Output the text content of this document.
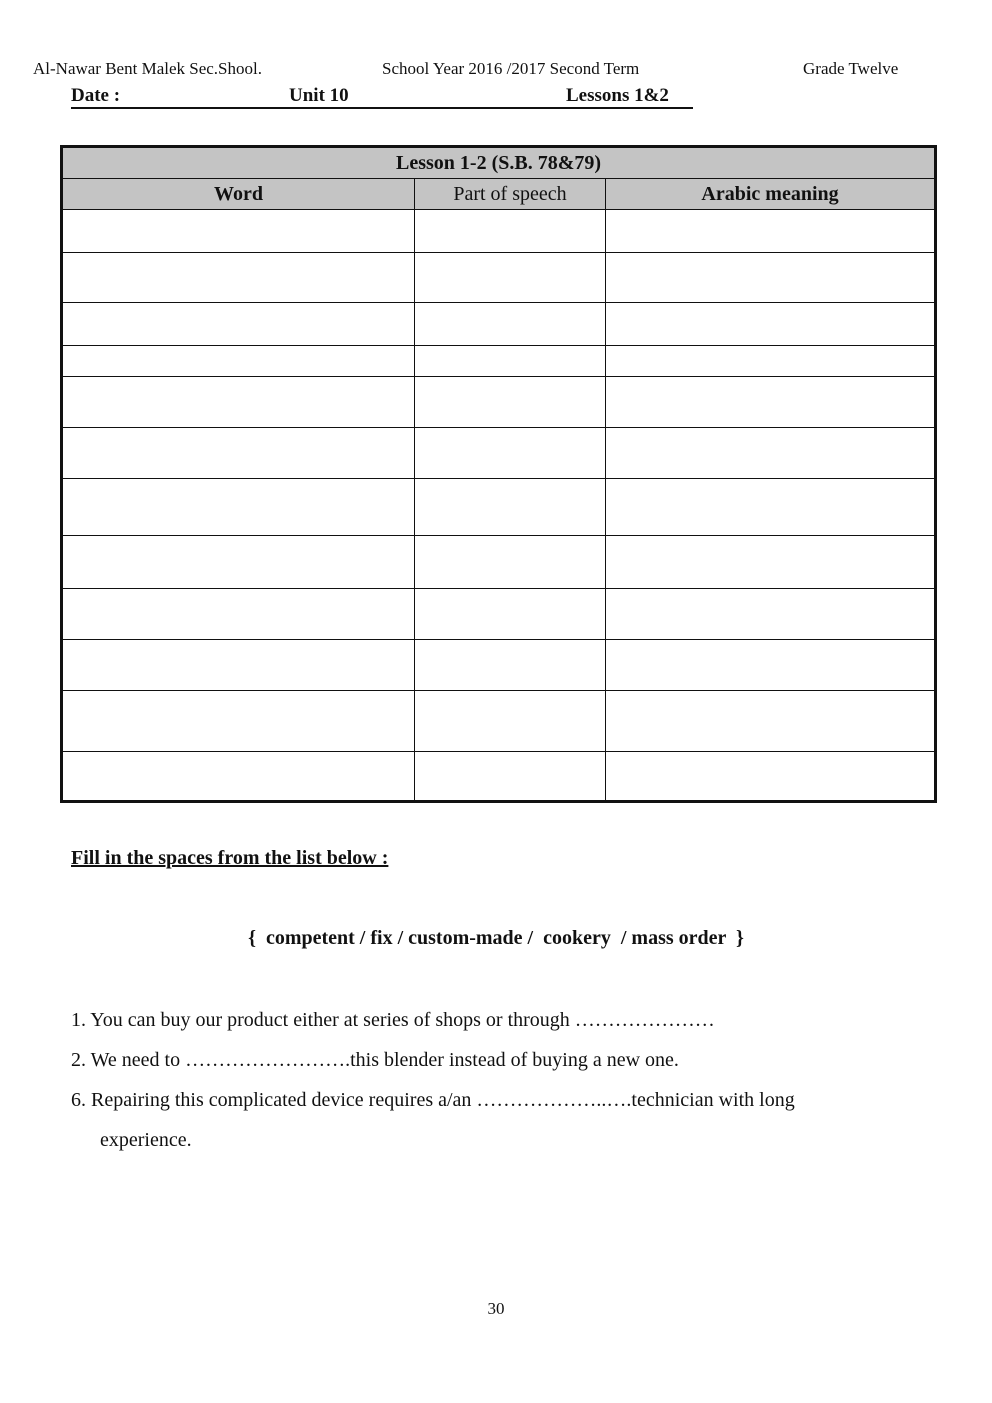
Al-Nawar Bent Malek Sec.Shool.	School Year 2016 /2017 Second Term	Grade Twelve
Date :	Unit 10	Lessons 1&2
Lesson 1-2 (S.B. 78&79)		
Word	Part of speech	Arabic meaning

Fill in the spaces from the list below :
{  competent / fix / custom-made /  cookery  / mass order  }
1. You can buy our product either at series of shops or through …………………
2. We need to …………………….this blender instead of buying a new one.
6. Repairing this complicated device requires a/an ………………..….technician with long
experience.
30
